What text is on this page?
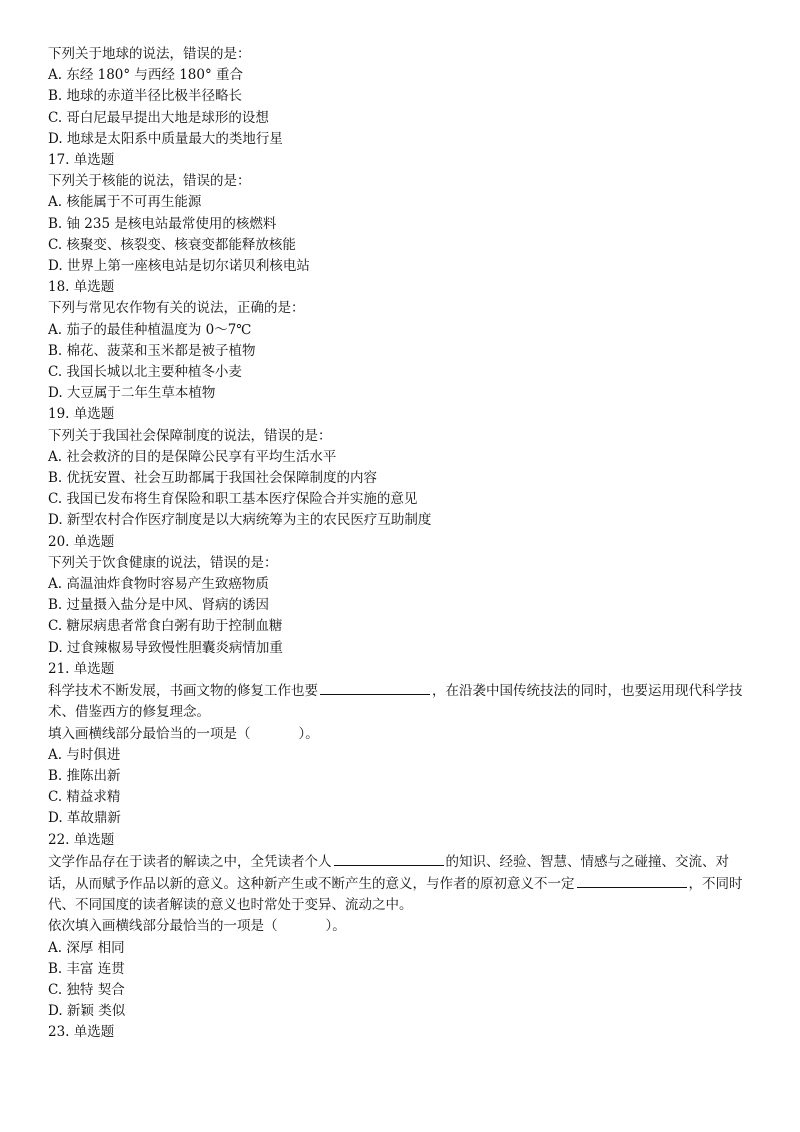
下列关于地球的说法，错误的是：

A. 东经 180° 与西经 180° 重合

B. 地球的赤道半径比极半径略长

C. 哥白尼最早提出大地是球形的设想

D. 地球是太阳系中质量最大的类地行星

17. 单选题

下列关于核能的说法，错误的是：

A. 核能属于不可再生能源

B. 铀 235 是核电站最常使用的核燃料

C. 核聚变、核裂变、核衰变都能释放核能

D. 世界上第一座核电站是切尔诺贝利核电站

18. 单选题

下列与常见农作物有关的说法，正确的是：

A. 茄子的最佳种植温度为 0～7℃

B. 棉花、菠菜和玉米都是被子植物

C. 我国长城以北主要种植冬小麦

D. 大豆属于二年生草本植物

19. 单选题

下列关于我国社会保障制度的说法，错误的是：

A. 社会救济的目的是保障公民享有平均生活水平

B. 优抚安置、社会互助都属于我国社会保障制度的内容

C. 我国已发布将生育保险和职工基本医疗保险合并实施的意见

D. 新型农村合作医疗制度是以大病统筹为主的农民医疗互助制度

20. 单选题

下列关于饮食健康的说法，错误的是：

A. 高温油炸食物时容易产生致癌物质

B. 过量摄入盐分是中风、肾病的诱因

C. 糖尿病患者常食白粥有助于控制血糖

D. 过食辣椒易导致慢性胆囊炎病情加重

21. 单选题

科学技术不断发展，书画文物的修复工作也要	，在沿袭中国传统技法的同时，也要运用现代科学技术、借鉴西方的修复理念。

填入画横线部分最恰当的一项是（	）。

A. 与时俱进

B. 推陈出新

C. 精益求精

D. 革故鼎新

22. 单选题

文学作品存在于读者的解读之中，全凭读者个人	的知识、经验、智慧、情感与之碰撞、交流、对话，从而赋予作品以新的意义。这种新产生或不断产生的意义，与作者的原初意义不一定	，不同时代、不同国度的读者解读的意义也时常处于变异、流动之中。

依次填入画横线部分最恰当的一项是（	）。

A. 深厚 相同

B. 丰富 连贯

C. 独特 契合

D. 新颖 类似

23. 单选题
